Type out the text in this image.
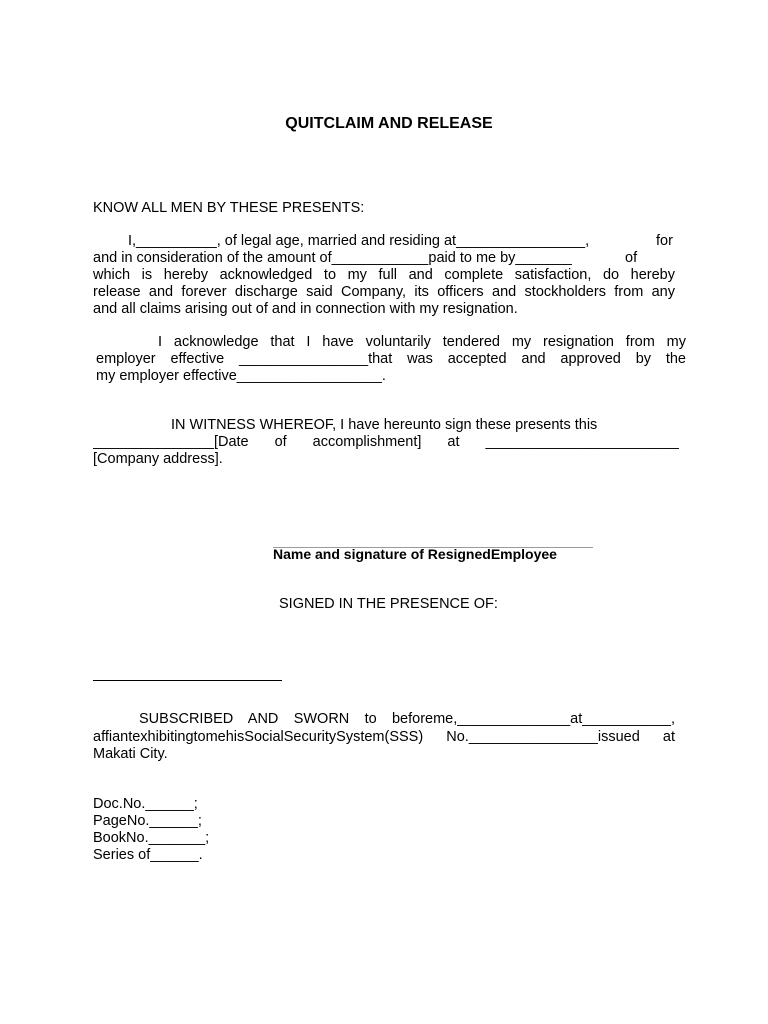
QUITCLAIM AND RELEASE
KNOW ALL MEN BY THESE PRESENTS:
I,__________, of legal age, married and residing at________________,	for
and in consideration of the amount of____________paid to me by_______	of
which is hereby acknowledged to my full and complete satisfaction, do hereby
release and forever discharge said Company, its officers and stockholders from any
and all claims arising out of and in connection with my resignation.
I acknowledge that I have voluntarily tendered my resignation from my
employer effective ________________that was accepted and approved by the
my employer effective__________________.
IN WITNESS WHEREOF, I have hereunto sign these presents this
_______________[Date of accomplishment] at ________________________
[Company address].
Name and signature of ResignedEmployee
SIGNED IN THE PRESENCE OF:
SUBSCRIBED AND SWORN to beforeme,______________at___________,
affiantexhibitingtomehisSocialSecuritySystem(SSS) No.________________issued at
Makati City.
Doc.No.______;
PageNo.______;
BookNo._______;
Series of______.
